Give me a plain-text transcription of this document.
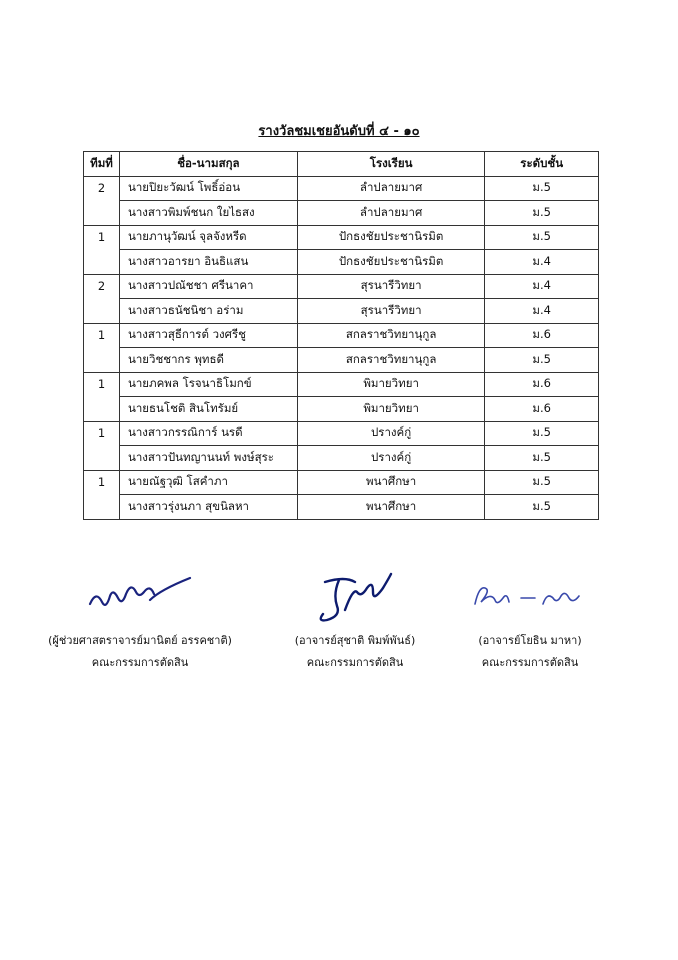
รางวัลชมเชยอันดับที่ ๔ - ๑๐
ทีมที่	ชื่อ-นามสกุล	โรงเรียน	ระดับชั้น
2	นายปิยะวัฒน์ โพธิ์อ่อน	ลำปลายมาศ	ม.5
	นางสาวพิมพ์ชนก ใยไธสง	ลำปลายมาศ	ม.5
1	นายภานุวัฒน์ จุลจังหรีด	ปักธงชัยประชานิรมิต	ม.5
	นางสาวอารยา อินธิแสน	ปักธงชัยประชานิรมิต	ม.4
2	นางสาวปณัชชา ศรีนาคา	สุรนารีวิทยา	ม.4
	นางสาวธนัชนิชา อร่าม	สุรนารีวิทยา	ม.4
1	นางสาวสุธีการต์ วงศรีชู	สกลราชวิทยานุกูล	ม.6
	นายวิชชากร พุทธดี	สกลราชวิทยานุกูล	ม.5
1	นายภคพล โรจนาธิโมกข์	พิมายวิทยา	ม.6
	นายธนโชติ สินโทรัมย์	พิมายวิทยา	ม.6
1	นางสาวกรรณิการ์ นรดี	ปรางค์กู่	ม.5
	นางสาวปันทญานนท์ พงษ์สุระ	ปรางค์กู่	ม.5
1	นายณัฐวุฒิ โสคำภา	พนาศึกษา	ม.5
	นางสาวรุ่งนภา สุขนิลหา	พนาศึกษา	ม.5
(ผู้ช่วยศาสตราจารย์มานิตย์ อรรคชาติ)
คณะกรรมการตัดสิน
(อาจารย์สุชาติ พิมพ์พันธ์)
คณะกรรมการตัดสิน
(อาจารย์โยธิน มาหา)
คณะกรรมการตัดสิน
